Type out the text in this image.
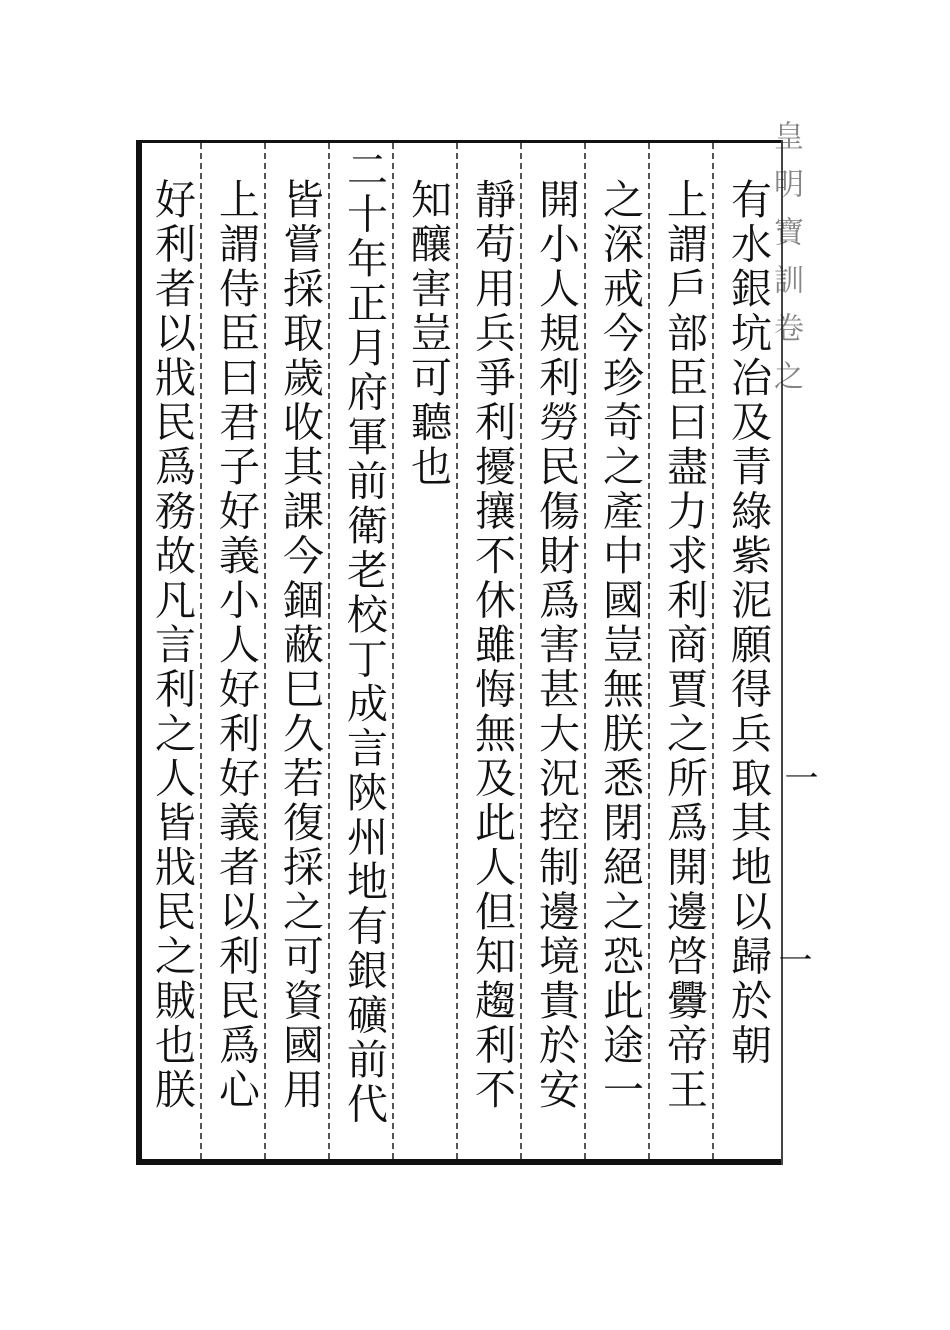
皇明寶訓卷之
一
一
有水銀坑冶及青綠紫泥願得兵取其地以歸於朝
上謂戶部臣曰盡力求利商賈之所爲開邊啓釁帝王
之深戒今珍奇之產中國豈無朕悉閉絕之恐此途一
開小人規利勞民傷財爲害甚大況控制邊境貴於安
靜苟用兵爭利擾攘不休雖悔無及此人但知趨利不
知釀害豈可聽也
二十年正月府軍前衛老校丁成言陝州地有銀礦前代
皆嘗採取歲收其課今錮蔽巳久若復採之可資國用
上謂侍臣曰君子好義小人好利好義者以利民爲心
好利者以戕民爲務故凡言利之人皆戕民之賊也朕
